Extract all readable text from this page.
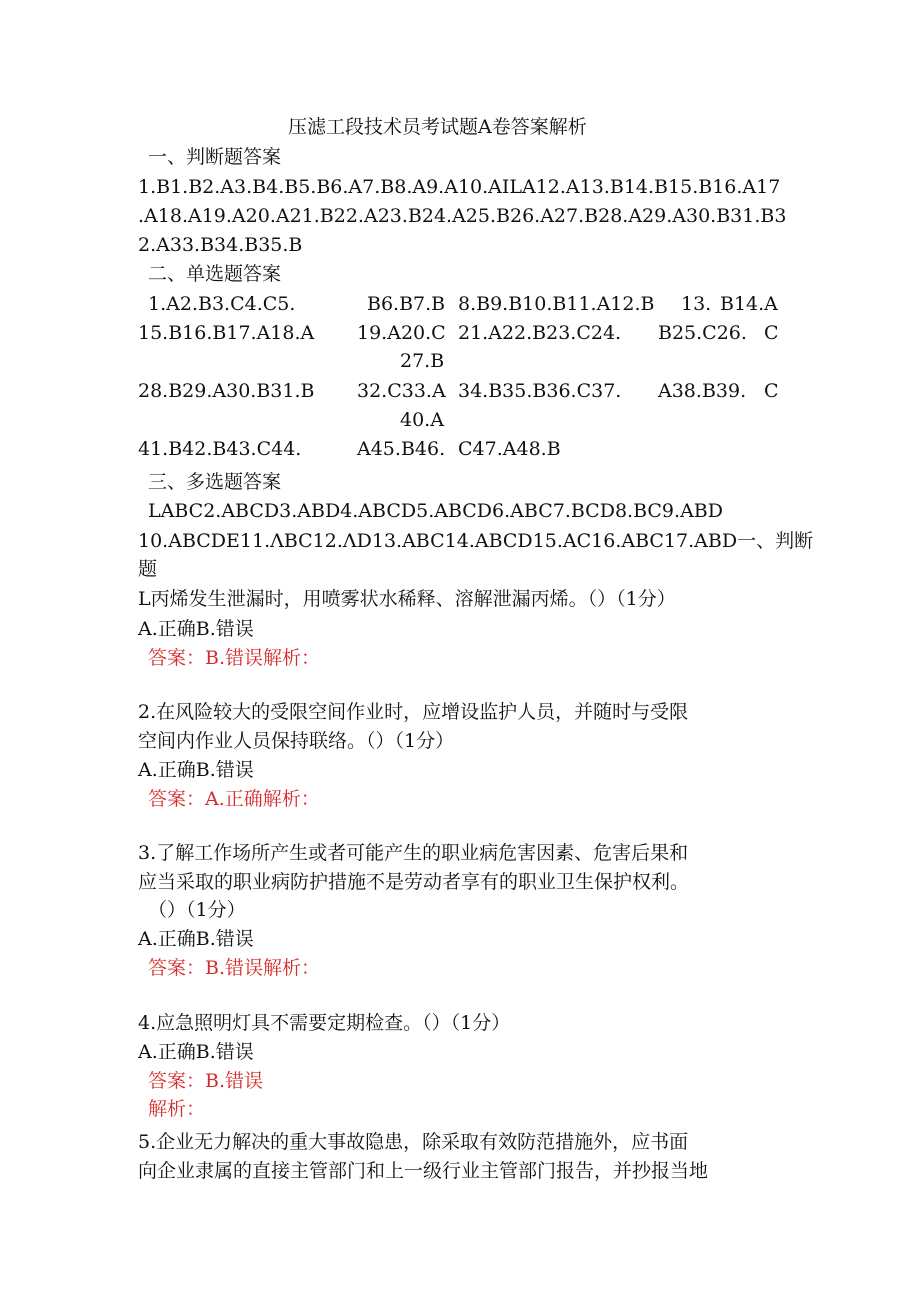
压滤工段技术员考试题A卷答案解析
一、判断题答案
1.B1.B2.A3.B4.B5.B6.A7.B8.A9.A10.AILA12.A13.B14.B15.B16.A17
.A18.A19.A20.A21.B22.A23.B24.A25.B26.A27.B28.A29.A30.B31.B3
2.A33.B34.B35.B
二、单选题答案
1.A2.B3.C4.C5.	B6.B7.B 8.B9.B10.B11.A12.B 13. B14.A
15.B16.B17.A18.A 19.A20.C 21.A22.B23.C24. B25.C26. C
27.B
28.B29.A30.B31.B 32.C33.A 34.B35.B36.C37. A38.B39. C
40.A
41.B42.B43.C44.	A45.B46. C47.A48.B
三、多选题答案
LABC2.ABCD3.ABD4.ABCD5.ABCD6.ABC7.BCD8.BC9.ABD
10.ABCDE11.ΛBC12.ΛD13.ABC14.ABCD15.AC16.ABC17.ABD一、判断
题
L丙烯发生泄漏时，用喷雾状水稀释、溶解泄漏丙烯。（）（1分）
A.正确B.错误
答案：B.错误解析：
2.在风险较大的受限空间作业时，应增设监护人员，并随时与受限
空间内作业人员保持联络。（）（1分）
A.正确B.错误
答案：A.正确解析：
3.了解工作场所产生或者可能产生的职业病危害因素、危害后果和
应当采取的职业病防护措施不是劳动者享有的职业卫生保护权利。
（）（1分）
A.正确B.错误
答案：B.错误解析：
4.应急照明灯具不需要定期检查。（）（1分）
A.正确B.错误
答案：B.错误
解析：
5.企业无力解决的重大事故隐患，除采取有效防范措施外，应书面
向企业隶属的直接主管部门和上一级行业主管部门报告，并抄报当地
